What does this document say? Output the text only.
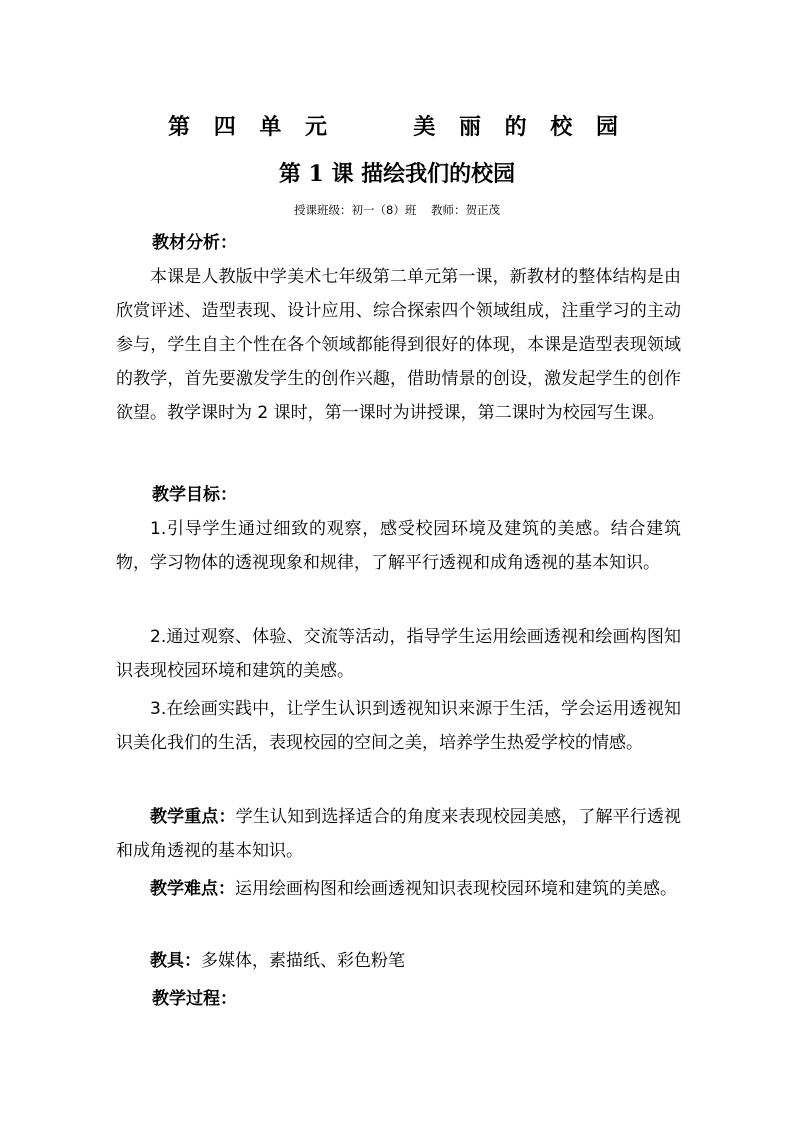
第 四 单 元     美 丽 的 校 园
第 1 课 描绘我们的校园
授课班级：初一（8）班    教师：贺正茂

教材分析：

本课是人教版中学美术七年级第二单元第一课，新教材的整体结构是由欣赏评述、造型表现、设计应用、综合探索四个领域组成，注重学习的主动参与，学生自主个性在各个领域都能得到很好的体现，本课是造型表现领域的教学，首先要激发学生的创作兴趣，借助情景的创设，激发起学生的创作欲望。教学课时为 2 课时，第一课时为讲授课，第二课时为校园写生课。

教学目标：

1.引导学生通过细致的观察，感受校园环境及建筑的美感。结合建筑物，学习物体的透视现象和规律，了解平行透视和成角透视的基本知识。

2.通过观察、体验、交流等活动，指导学生运用绘画透视和绘画构图知识表现校园环境和建筑的美感。

3.在绘画实践中，让学生认识到透视知识来源于生活，学会运用透视知识美化我们的生活，表现校园的空间之美，培养学生热爱学校的情感。

教学重点：学生认知到选择适合的角度来表现校园美感，了解平行透视和成角透视的基本知识。

教学难点：运用绘画构图和绘画透视知识表现校园环境和建筑的美感。

教具：多媒体，素描纸、彩色粉笔

教学过程：
